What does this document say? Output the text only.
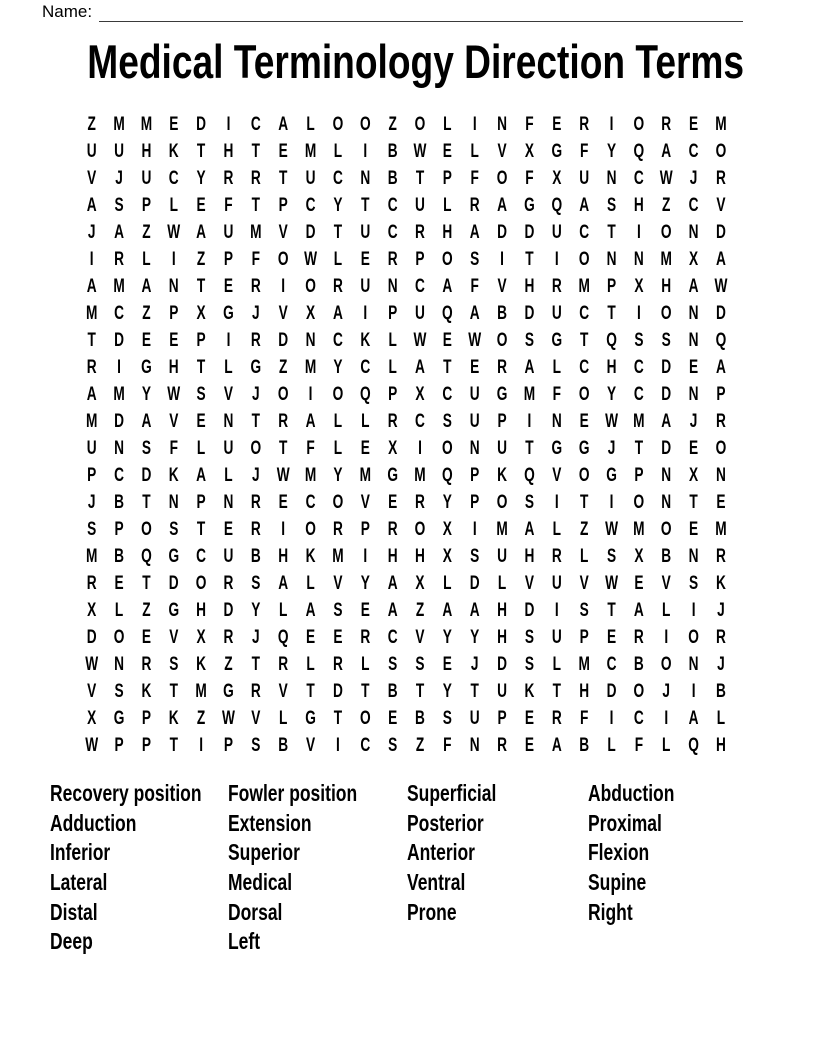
Name:
Medical Terminology Direction Terms
Z M M E D	I	C A L O O Z O L	I	N F E R	I	O R E M
U U H K T H T E M L	I	B W E L V X G F Y Q A C O
V J U C Y R R T U C N B T P F O F X U N C W J R
A S P L E F	T P C Y T C U L R A G Q A S H Z C V
J A Z W A U M V D T U C R H A D D U C T	I	O N D
I	R L	I	Z P F O W L E R P O S	I	T	I	O N N M X A
A M A N T E R	I	O R U N C A F V H R M P X H A W
M C Z P X G J V X A	I	P U Q A B D U C T	I	O N D
T D E E P	I	R D N C K L W E W O S G T Q S S N Q
R	I	G H T	L G Z M Y C L A T E R A L C H C D E A
A M Y W S V J O	I	O Q P X C U G M F O Y C D N P
M D A V E N T R A L	L R C S U P	I	N E W M A J R
U N S F	L U O T	F	L E X	I	O N U T G G J	T D E O
P C D K A L	J W M Y M G M Q P K Q V O G P N X N
J B T N P N R E C O V E R Y P O S	I	T	I	O N T E
S P O S T E R	I	O R P R O X	I	M A L	Z W M O E M
M B Q G C U B H K M	I	H H X S U H R L S X B N R
R E T D O R S A L V Y A X L D L V U V W E V S K
X L	Z G H D Y L A S E A Z A A H D	I	S T A L	I	J
D O E V X R J Q E E R C V Y Y H S U P E R	I	O R
W N R S K Z	T R L R L S S E J D S L M C B O N J
V S K T M G R V T D T B T Y T U K T H D O J	I	B
X G P K Z W V L G T O E B S U P E R F	I	C	I	A L
W P P T	I	P S B V	I	C S Z	F N R E A B L	F	L Q H
Recovery position
Adduction
Inferior
Lateral
Distal
Deep
Fowler position
Extension
Superior
Medical
Dorsal
Left
Superficial
Posterior
Anterior
Ventral
Prone
Abduction
Proximal
Flexion
Supine
Right
